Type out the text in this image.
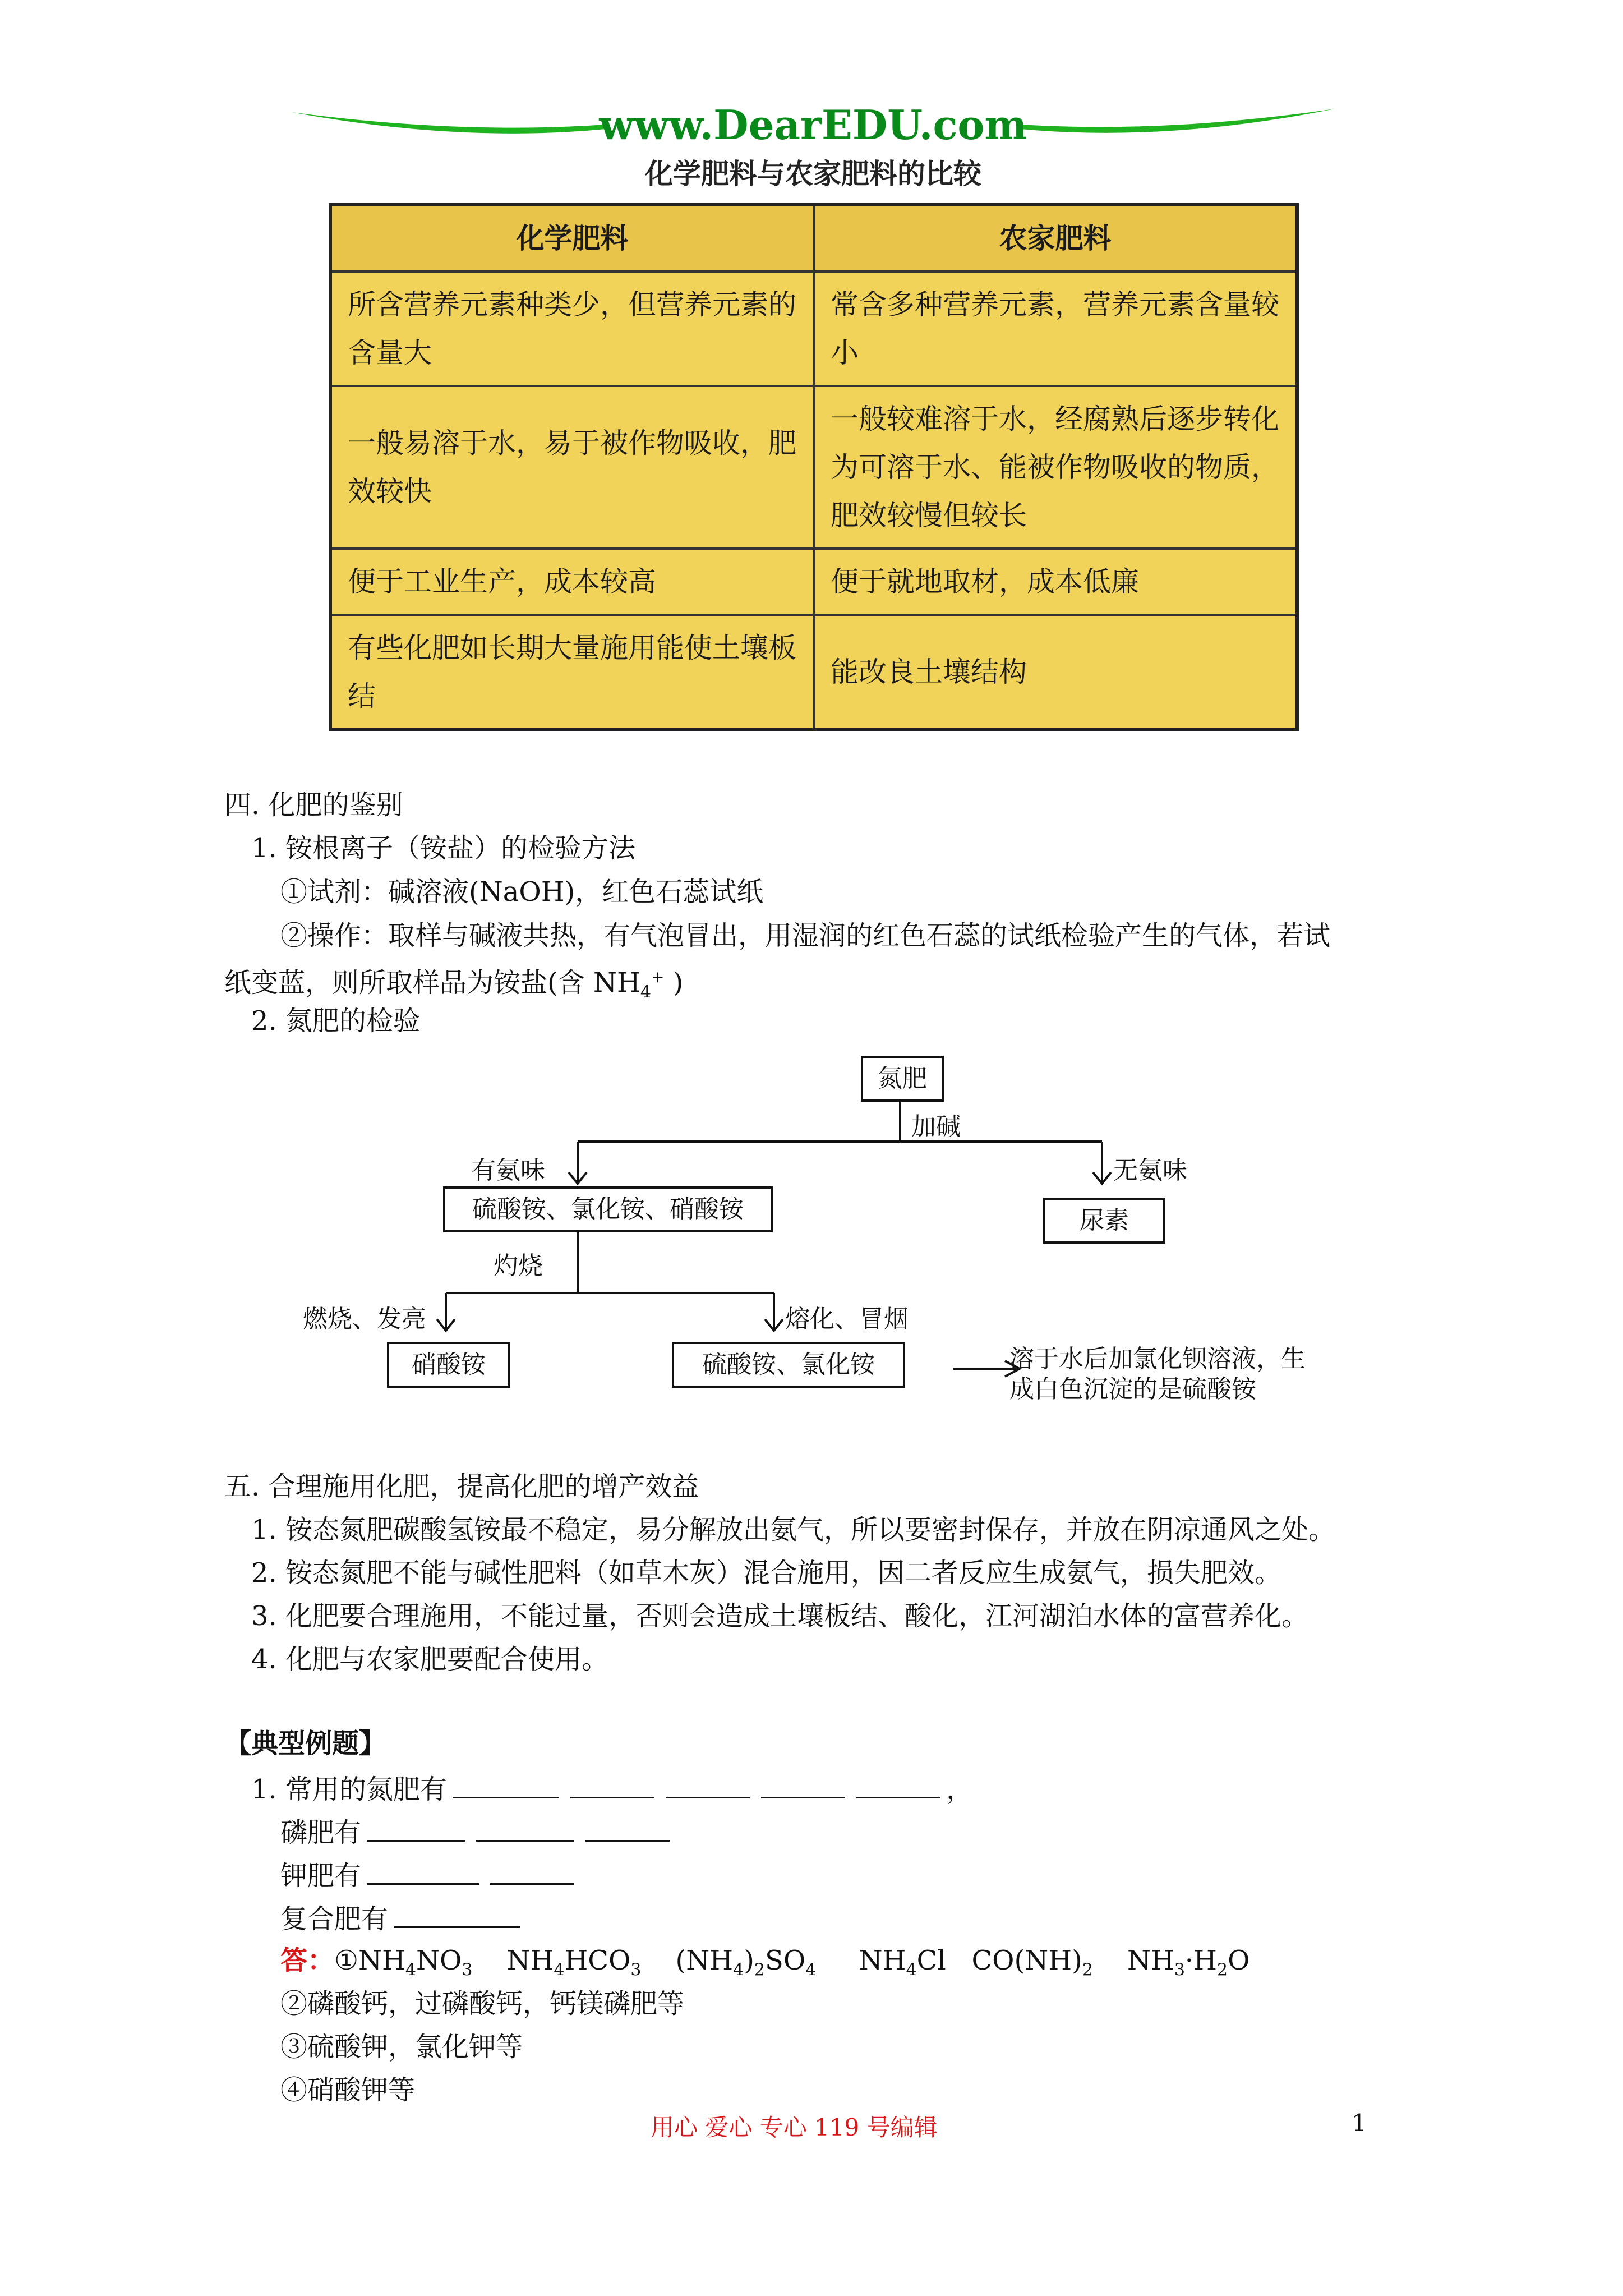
www.DearEDU.com
化学肥料与农家肥料的比较
化学肥料	农家肥料
所含营养元素种类少，但营养元素的含量大	常含多种营养元素，营养元素含量较小
一般易溶于水，易于被作物吸收，肥效较快	一般较难溶于水，经腐熟后逐步转化为可溶于水、能被作物吸收的物质，肥效较慢但较长
便于工业生产，成本较高	便于就地取材，成本低廉
有些化肥如长期大量施用能使土壤板结	能改良土壤结构
四. 化肥的鉴别
1. 铵根离子（铵盐）的检验方法
①试剂：碱溶液(NaOH)，红色石蕊试纸
②操作：取样与碱液共热，有气泡冒出，用湿润的红色石蕊的试纸检验产生的气体，若试
纸变蓝，则所取样品为铵盐(含 $NH_4^+$ )
2. 氮肥的检验
氮肥
加碱
有氨味	无氨味
硫酸铵、氯化铵、硝酸铵	尿素
灼烧
燃烧、发亮	熔化、冒烟
硝酸铵	硫酸铵、氯化铵	溶于水后加氯化钡溶液，生
成白色沉淀的是硫酸铵
五. 合理施用化肥，提高化肥的增产效益
1. 铵态氮肥碳酸氢铵最不稳定，易分解放出氨气，所以要密封保存，并放在阴凉通风之处。
2. 铵态氮肥不能与碱性肥料（如草木灰）混合施用，因二者反应生成氨气，损失肥效。
3. 化肥要合理施用，不能过量，否则会造成土壤板结、酸化，江河湖泊水体的富营养化。
4. 化肥与农家肥要配合使用。
【典型例题】
1. 常用的氮肥有	，
磷肥有
钾肥有
复合肥有
答：$①NH_4NO_3$    $NH_4HCO_3$    $(NH_4)_2SO_4$     $NH_4Cl$   $CO(NH)_2$    $NH_3\cdot H_2O$
②磷酸钙，过磷酸钙，钙镁磷肥等
③硫酸钾，氯化钾等
④硝酸钾等
用心 爱心 专心 119 号编辑	1
